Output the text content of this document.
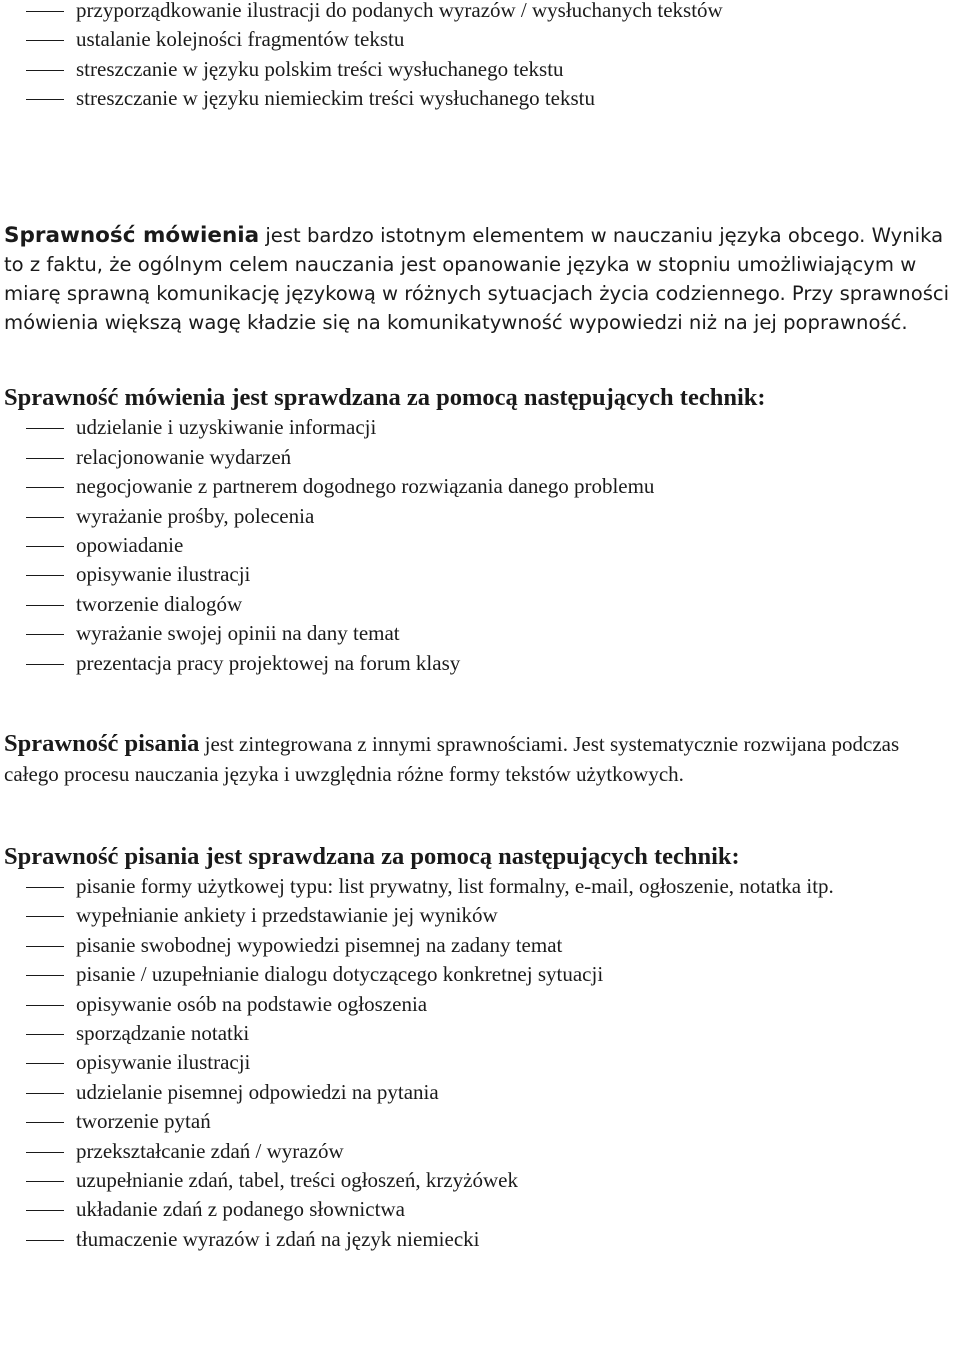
przyporządkowanie ilustracji do podanych wyrazów / wysłuchanych tekstów
ustalanie kolejności fragmentów tekstu
streszczanie w języku polskim treści wysłuchanego tekstu
streszczanie w języku niemieckim treści wysłuchanego tekstu

Sprawność mówienia jest bardzo istotnym elementem w nauczaniu języka obcego. Wynika to z faktu, że ogólnym celem nauczania jest opanowanie języka w stopniu umożliwiającym w miarę sprawną komunikację językową w różnych sytuacjach życia codziennego. Przy sprawności mówienia większą wagę kładzie się na komunikatywność wypowiedzi niż na jej poprawność.

Sprawność mówienia jest sprawdzana za pomocą następujących technik:
udzielanie i uzyskiwanie informacji
relacjonowanie wydarzeń
negocjowanie z partnerem dogodnego rozwiązania danego problemu
wyrażanie prośby, polecenia
opowiadanie
opisywanie ilustracji
tworzenie dialogów
wyrażanie swojej opinii na dany temat
prezentacja pracy projektowej na forum klasy

Sprawność pisania jest zintegrowana z innymi sprawnościami. Jest systematycznie rozwijana podczas całego procesu nauczania języka i uwzględnia różne formy tekstów użytkowych.

Sprawność pisania jest sprawdzana za pomocą następujących technik:
pisanie formy użytkowej typu: list prywatny, list formalny, e-mail, ogłoszenie, notatka itp.
wypełnianie ankiety i przedstawianie jej wyników
pisanie swobodnej wypowiedzi pisemnej na zadany temat
pisanie / uzupełnianie dialogu dotyczącego konkretnej sytuacji
opisywanie osób na podstawie ogłoszenia
sporządzanie notatki
opisywanie ilustracji
udzielanie pisemnej odpowiedzi na pytania
tworzenie pytań
przekształcanie zdań / wyrazów
uzupełnianie zdań, tabel, treści ogłoszeń, krzyżówek
układanie zdań z podanego słownictwa
tłumaczenie wyrazów i zdań na język niemiecki
